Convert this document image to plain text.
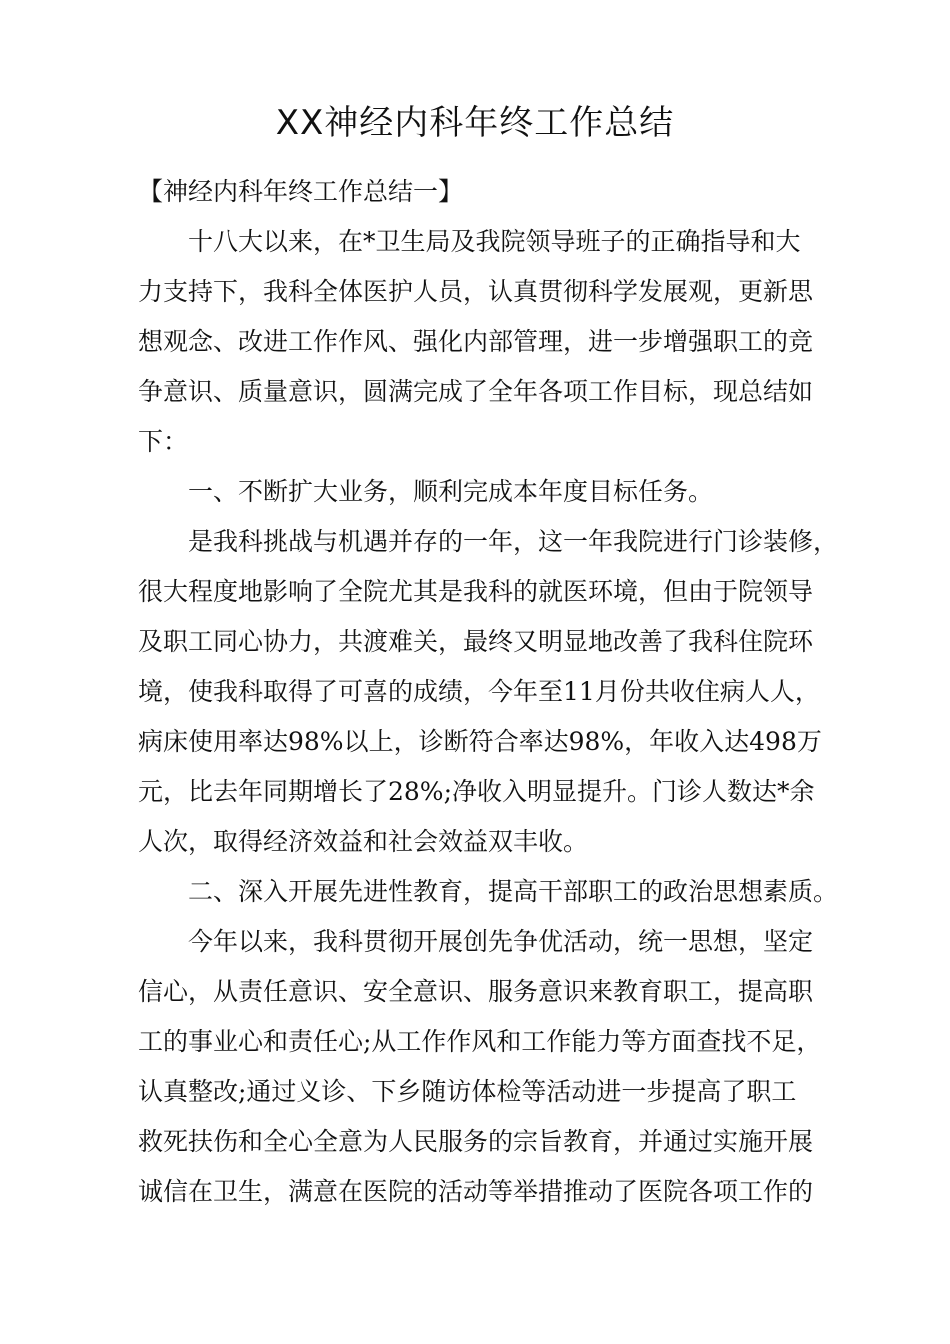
XX神经内科年终工作总结
【神经内科年终工作总结一】
十八大以来，在*卫生局及我院领导班子的正确指导和大
力支持下，我科全体医护人员，认真贯彻科学发展观，更新思
想观念、改进工作作风、强化内部管理，进一步增强职工的竞
争意识、质量意识，圆满完成了全年各项工作目标，现总结如
下：
一、不断扩大业务，顺利完成本年度目标任务。
是我科挑战与机遇并存的一年，这一年我院进行门诊装修，
很大程度地影响了全院尤其是我科的就医环境，但由于院领导
及职工同心协力，共渡难关，最终又明显地改善了我科住院环
境，使我科取得了可喜的成绩，今年至11月份共收住病人人，
病床使用率达98%以上，诊断符合率达98%，年收入达498万
元，比去年同期增长了28%;净收入明显提升。门诊人数达*余
人次，取得经济效益和社会效益双丰收。
二、深入开展先进性教育，提高干部职工的政治思想素质。
今年以来，我科贯彻开展创先争优活动，统一思想，坚定
信心，从责任意识、安全意识、服务意识来教育职工，提高职
工的事业心和责任心;从工作作风和工作能力等方面查找不足，
认真整改;通过义诊、下乡随访体检等活动进一步提高了职工
救死扶伤和全心全意为人民服务的宗旨教育，并通过实施开展
诚信在卫生，满意在医院的活动等举措推动了医院各项工作的
